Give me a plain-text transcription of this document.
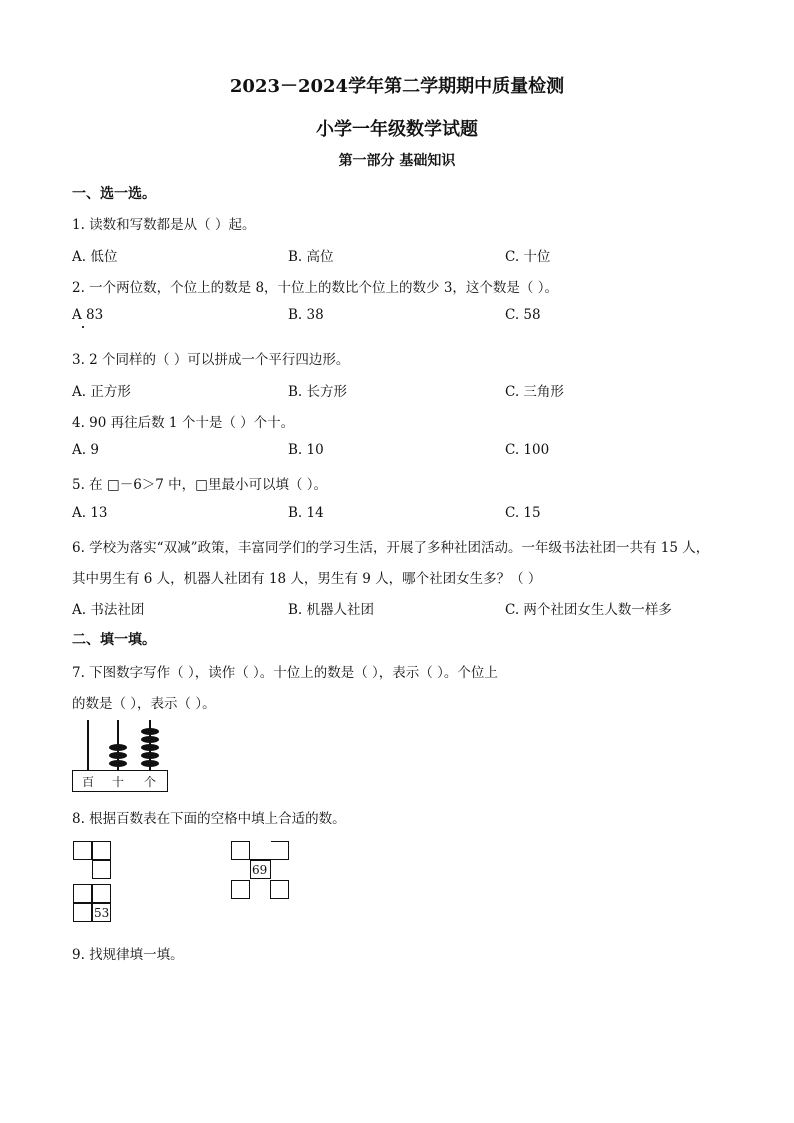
2023－2024学年第二学期期中质量检测
小学一年级数学试题
第一部分 基础知识
一、选一选。
1. 读数和写数都是从（ ）起。
A. 低位	B. 高位	C. 十位
2. 一个两位数，个位上的数是 8，十位上的数比个位上的数少 3，这个数是（ ）。
A 83	B. 38	C. 58
3. 2 个同样的（ ）可以拼成一个平行四边形。
A. 正方形	B. 长方形	C. 三角形
4. 90 再往后数 1 个十是（ ）个十。
A. 9	B. 10	C. 100
5. 在 □－6＞7 中，□里最小可以填（ ）。
A. 13	B. 14	C. 15
6. 学校为落实“双减”政策，丰富同学们的学习生活，开展了多种社团活动。一年级书法社团一共有 15 人，
其中男生有 6 人，机器人社团有 18 人，男生有 9 人，哪个社团女生多？（ ）
A. 书法社团	B. 机器人社团	C. 两个社团女生人数一样多
二、填一填。
7. 下图数字写作（ ），读作（ ）。十位上的数是（ ），表示（ ）。个位上
的数是（ ），表示（ ）。
百	十	个
8. 根据百数表在下面的空格中填上合适的数。
53
69
9. 找规律填一填。
